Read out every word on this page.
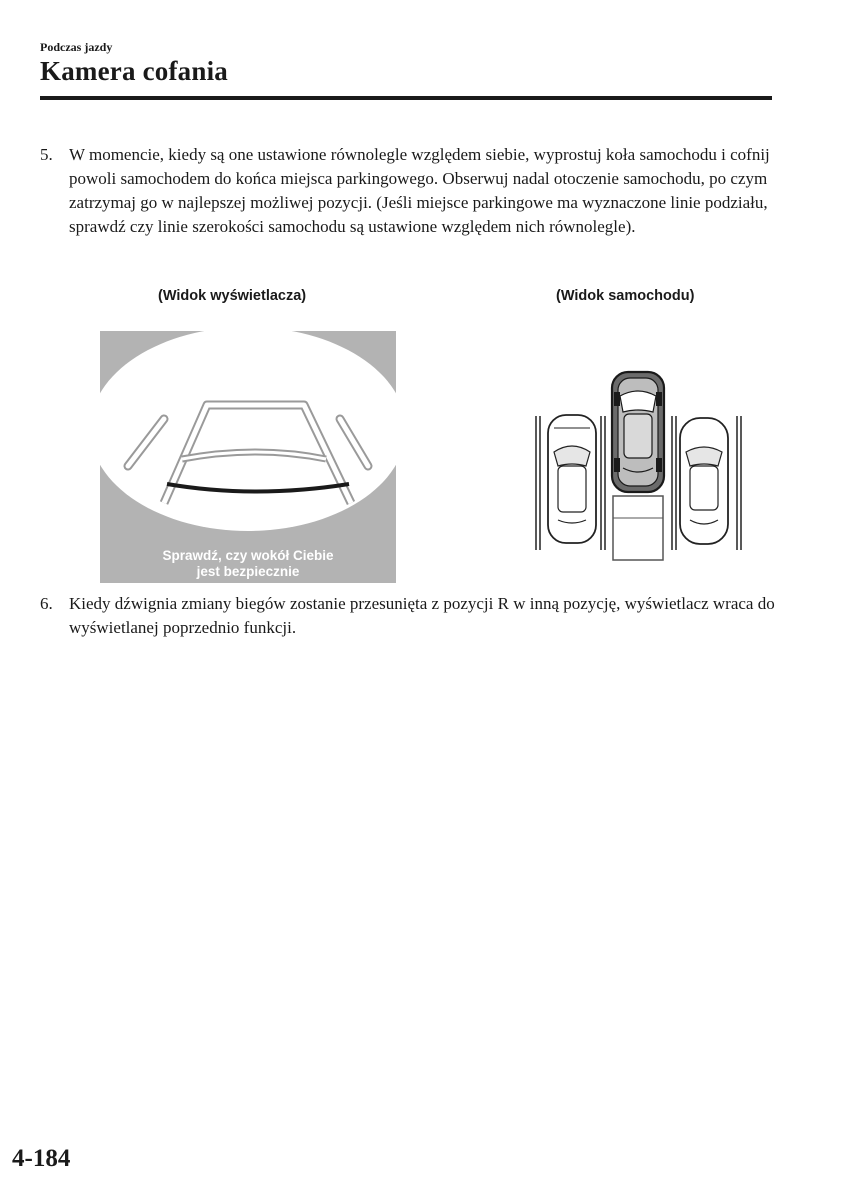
Podczas jazdy
Kamera cofania
5. W momencie, kiedy są one ustawione równolegle względem siebie, wyprostuj koła samochodu i cofnij powoli samochodem do końca miejsca parkingowego. Obserwuj nadal otoczenie samochodu, po czym zatrzymaj go w najlepszej możliwej pozycji. (Jeśli miejsce parkingowe ma wyznaczone linie podziału, sprawdź czy linie szerokości samochodu są ustawione względem nich równolegle).
(Widok wyświetlacza)	(Widok samochodu)
Sprawdź, czy wokół Ciebie
jest bezpiecznie
6. Kiedy dźwignia zmiany biegów zostanie przesunięta z pozycji R w inną pozycję, wyświetlacz wraca do wyświetlanej poprzednio funkcji.
4-184
